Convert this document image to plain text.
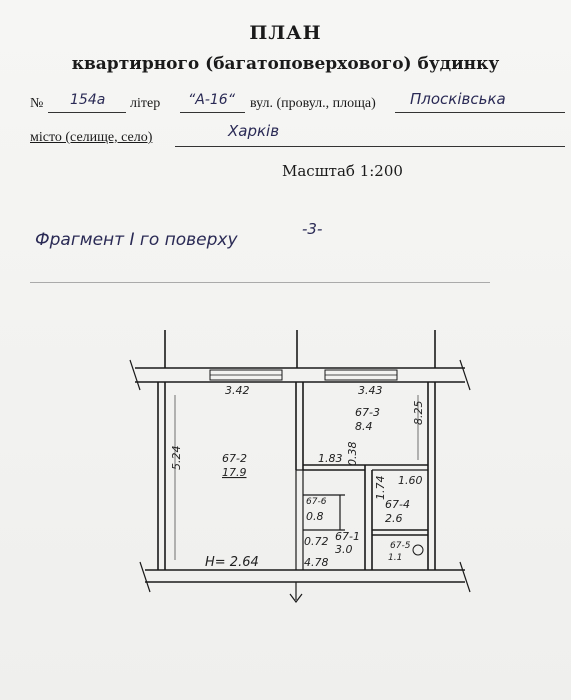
ПЛАН
квартирного (багатоповерхового) будинку
№ 154а літер “А-16“ вул. (провул., площа) Плосківська
місто (селище, село)	Харків
Масштаб 1:200
-3-
Фрагмент I го поверху
3.42	3.43
5.24
8.25
1.83 0.38
1.74 1.60
0.72
4.78
H= 2.64
67-2
17.9
67-3
8.4
67-6
0.8
67-4
2.6
67-1
3.0	67-5
1.1
